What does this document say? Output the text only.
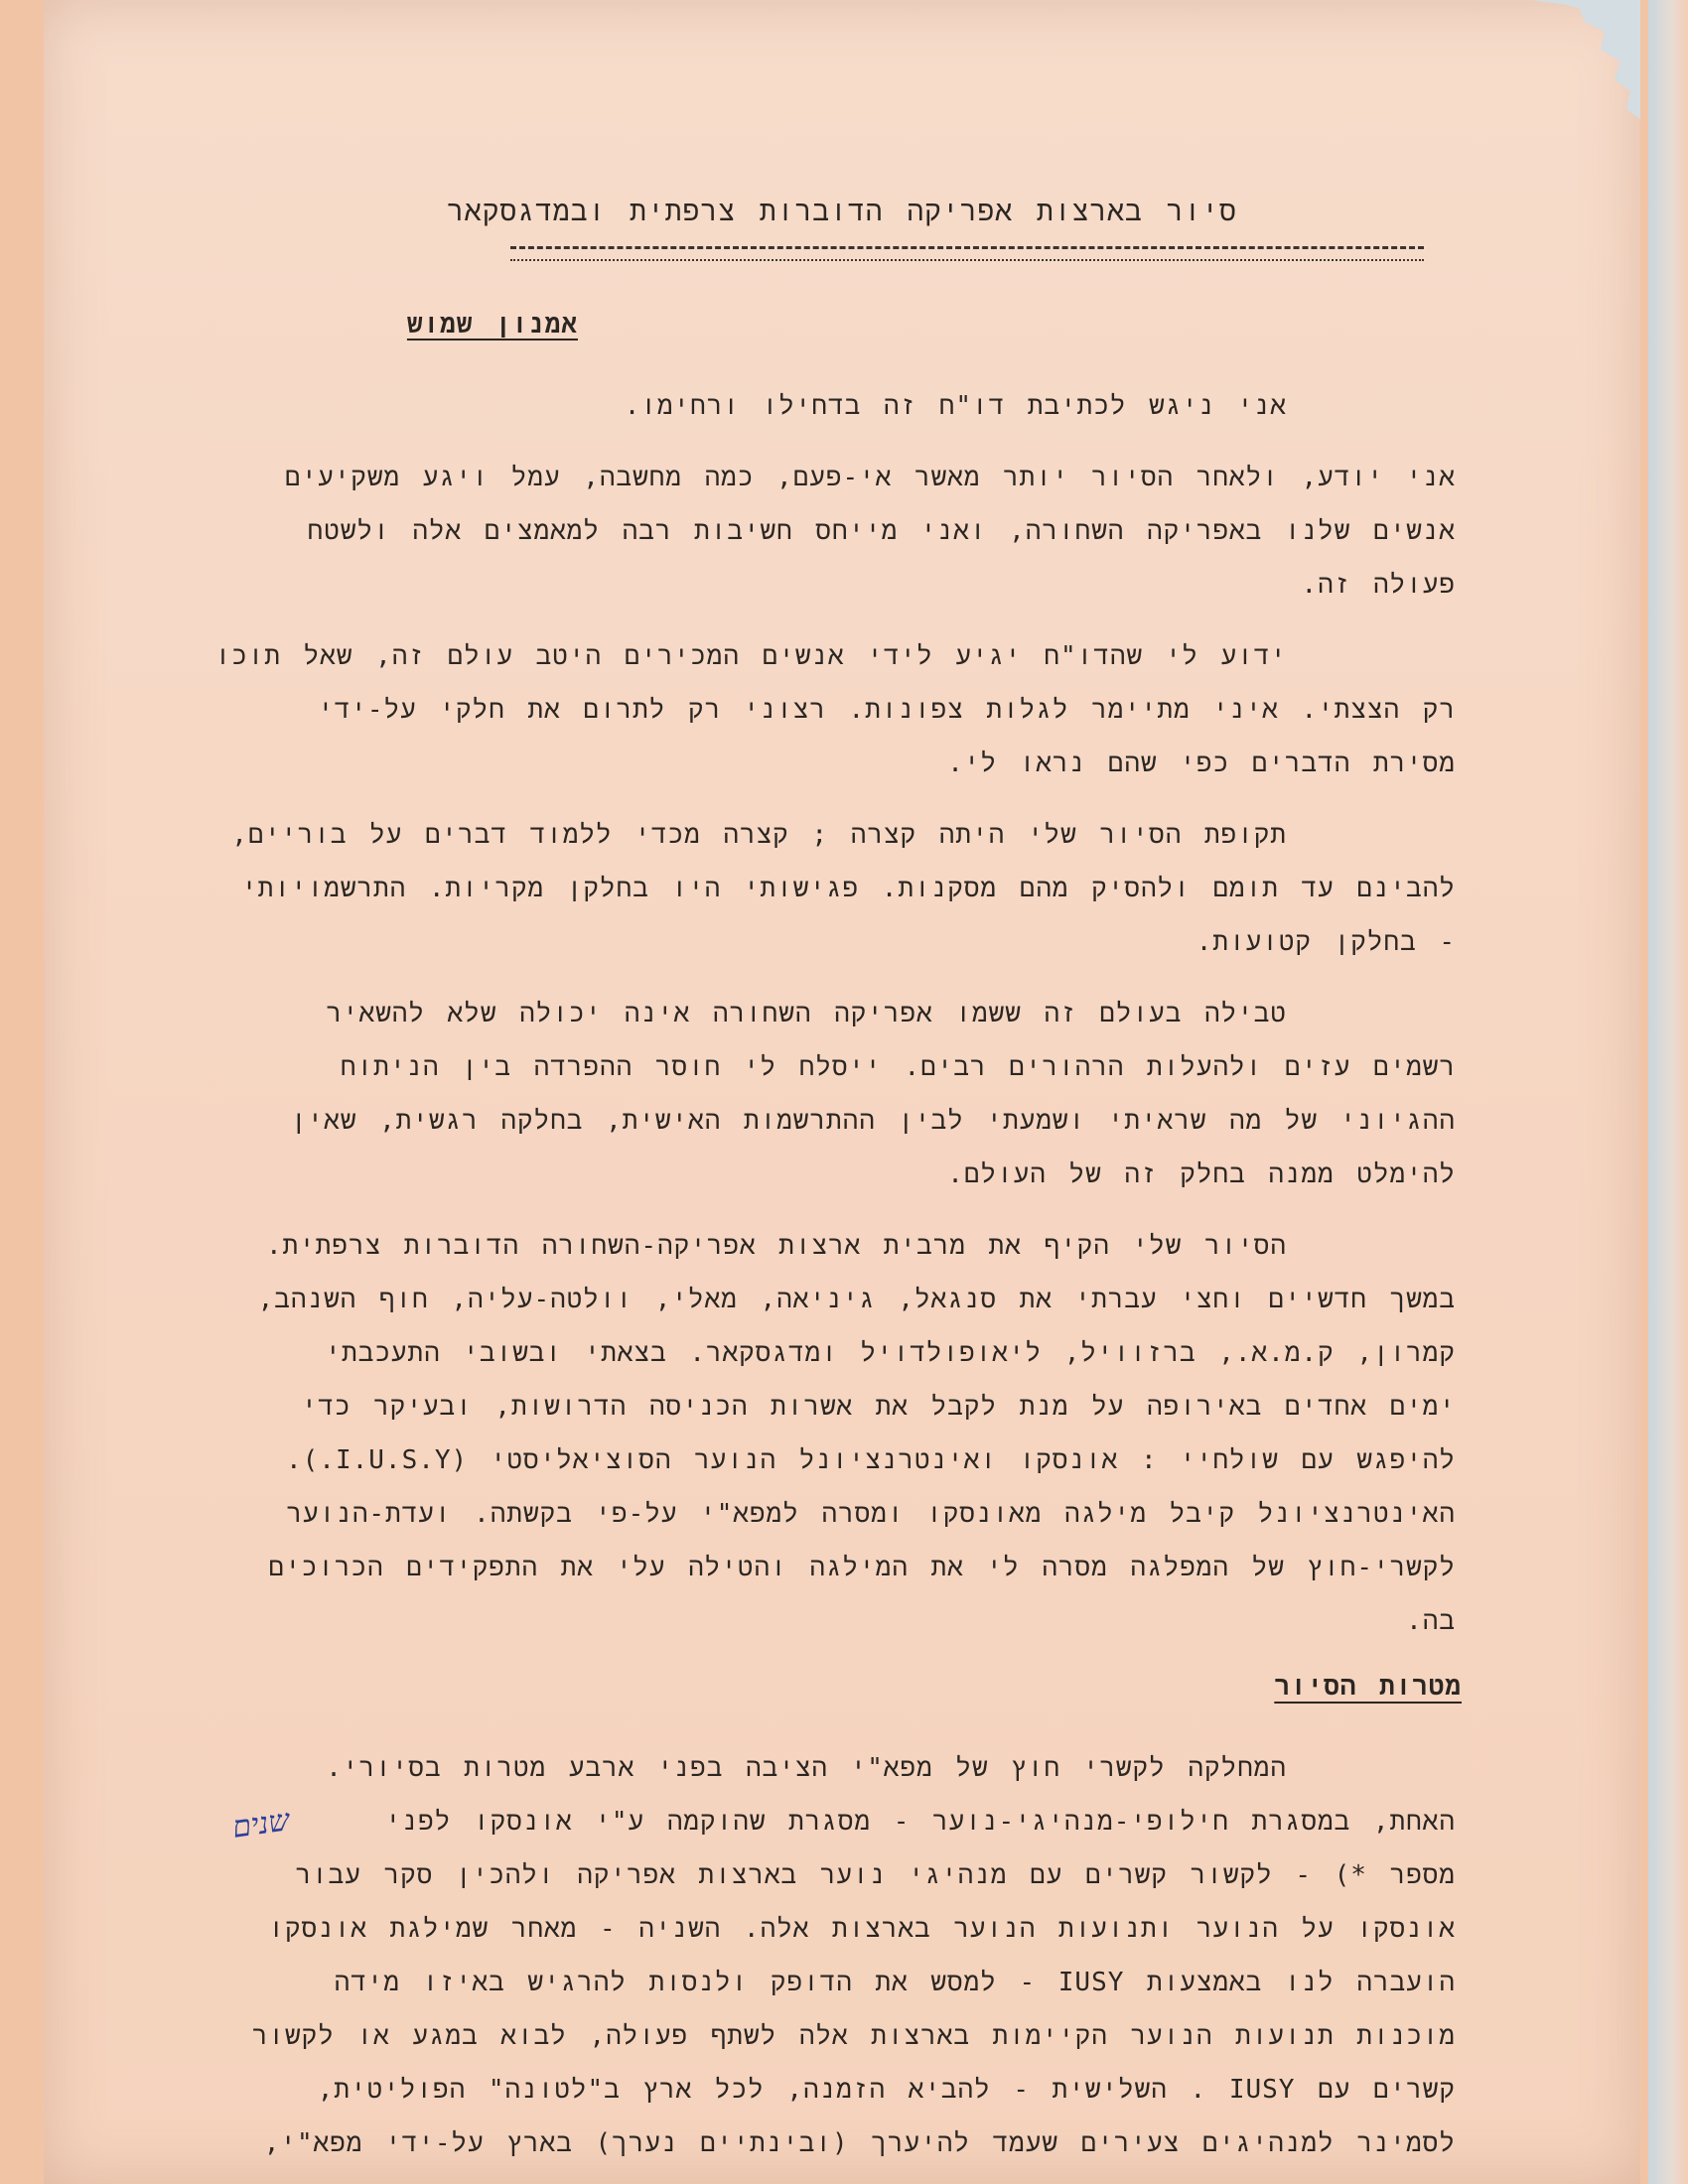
סיור בארצות אפריקה הדוברות צרפתית ובמדגסקאר
אמנון שמוש
אני ניגש לכתיבת דו"ח זה בדחילו ורחימו.
אני יודע, ולאחר הסיור יותר מאשר אי-פעם, כמה מחשבה, עמל ויגע משקיעים
אנשים שלנו באפריקה השחורה, ואני מייחס חשיבות רבה למאמצים אלה ולשטח
פעולה זה.
ידוע לי שהדו"ח יגיע לידי אנשים המכירים היטב עולם זה, שאל תוכו
רק הצצתי. איני מתיימר לגלות צפונות. רצוני רק לתרום את חלקי על-ידי
מסירת הדברים כפי שהם נראו לי.
תקופת הסיור שלי היתה קצרה ; קצרה מכדי ללמוד דברים על בוריים,
להבינם עד תומם ולהסיק מהם מסקנות. פגישותי היו בחלקן מקריות. התרשמויותי
- בחלקן קטועות.
טבילה בעולם זה ששמו אפריקה השחורה אינה יכולה שלא להשאיר
רשמים עזים ולהעלות הרהורים רבים. ייסלח לי חוסר ההפרדה בין הניתוח
ההגיוני של מה שראיתי ושמעתי לבין ההתרשמות האישית, בחלקה רגשית, שאין
להימלט ממנה בחלק זה של העולם.
הסיור שלי הקיף את מרבית ארצות אפריקה-השחורה הדוברות צרפתית.
במשך חדשיים וחצי עברתי את סנגאל, גיניאה, מאלי, וולטה-עליה, חוף השנהב,
קמרון, ק.מ.א., ברזוויל, ליאופולדויל ומדגסקאר. בצאתי ובשובי התעכבתי
ימים אחדים באירופה על מנת לקבל את אשרות הכניסה הדרושות, ובעיקר כדי
להיפגש עם שולחיי : אונסקו ואינטרנציונל הנוער הסוציאליסטי (I.U.S.Y.).
האינטרנציונל קיבל מילגה מאונסקו ומסרה למפא"י על-פי בקשתה. ועדת-הנוער
לקשרי-חוץ של המפלגה מסרה לי את המילגה והטילה עלי את התפקידים הכרוכים
בה.
המחלקה לקשרי חוץ של מפא"י הציבה בפני ארבע מטרות בסיורי.
האחת, במסגרת חילופי-מנהיגי-נוער - מסגרת שהוקמה ע"י אונסקו לפני
מספר *) - לקשור קשרים עם מנהיגי נוער בארצות אפריקה ולהכין סקר עבור
אונסקו על הנוער ותנועות הנוער בארצות אלה. השניה - מאחר שמילגת אונסקו
הועברה לנו באמצעות IUSY - למסש את הדופק ולנסות להרגיש באיזו מידה
מוכנות תנועות הנוער הקיימות בארצות אלה לשתף פעולה, לבוא במגע או לקשור
קשרים עם IUSY . השלישית - להביא הזמנה, לכל ארץ ב"לטונה" הפוליטית,
לסמינר למנהיגים צעירים שעמד להיערך (ובינתיים נערך) בארץ על-ידי מפא"י,
מטרות הסיור
שנים
